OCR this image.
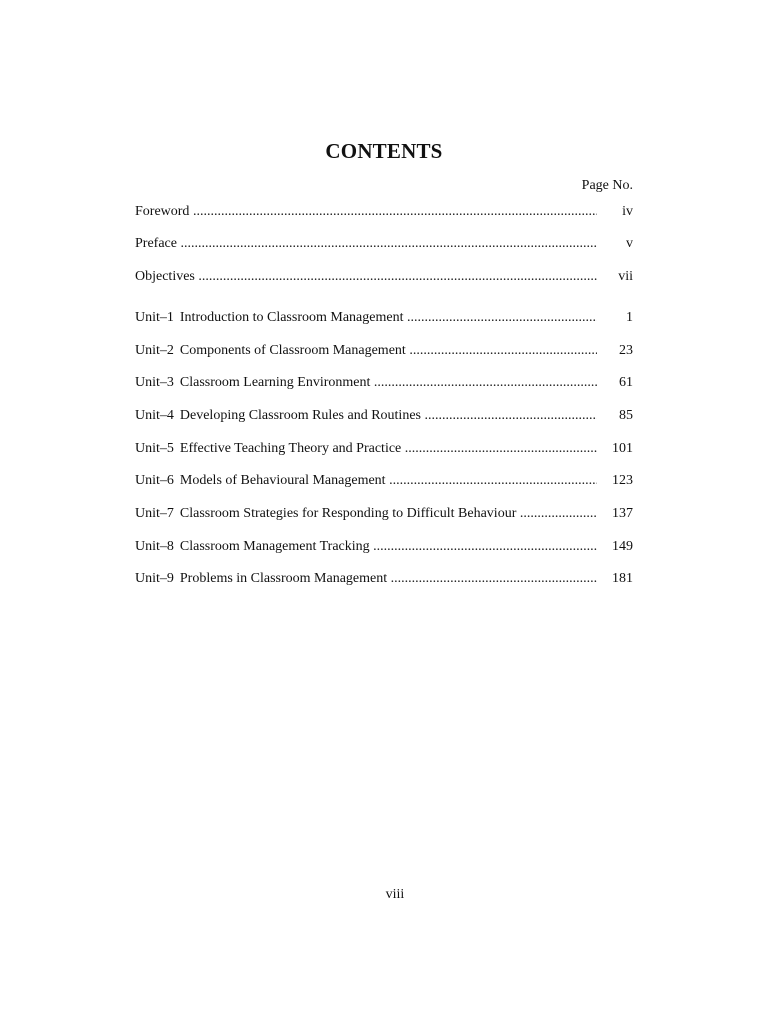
CONTENTS
Page No.
Foreword .....	iv
Preface .....	v
Objectives .....	vii
Unit–1 Introduction to Classroom Management .....	1
Unit–2 Components of Classroom Management .....	23
Unit–3 Classroom Learning Environment .....	61
Unit–4 Developing Classroom Rules and Routines .....	85
Unit–5 Effective Teaching Theory and Practice .....	101
Unit–6 Models of Behavioural Management .....	123
Unit–7 Classroom Strategies for Responding to Difficult Behaviour .....	137
Unit–8 Classroom Management Tracking .....	149
Unit–9 Problems in Classroom Management .....	181
viii
